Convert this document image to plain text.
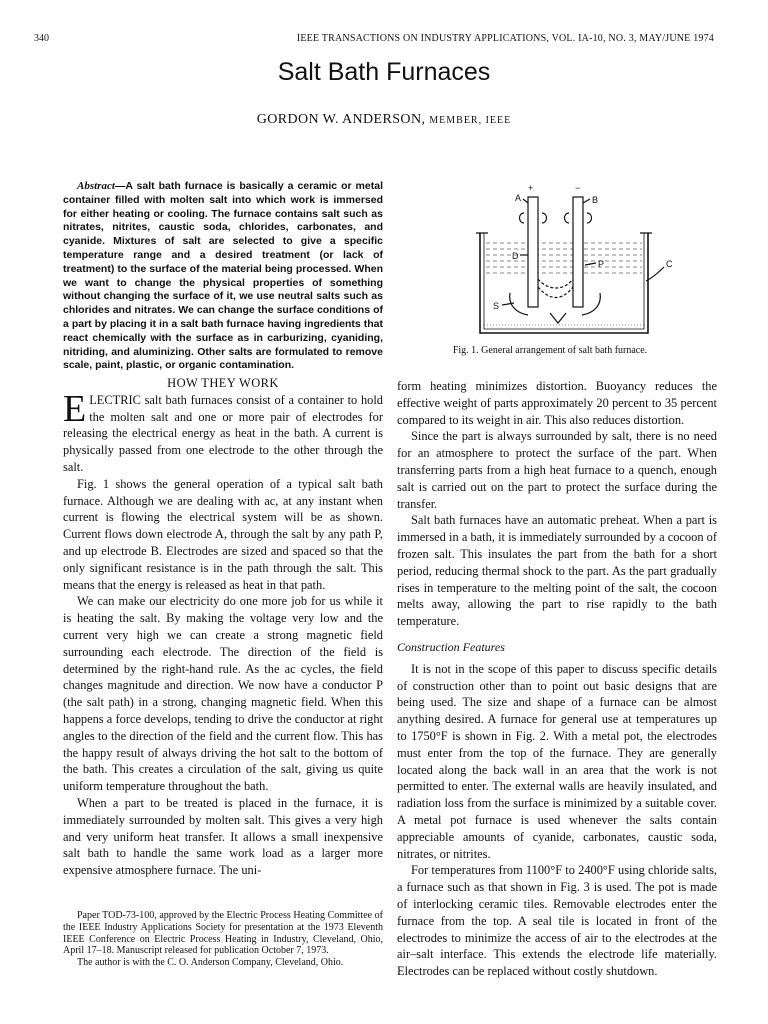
340	IEEE TRANSACTIONS ON INDUSTRY APPLICATIONS, VOL. IA-10, NO. 3, MAY/JUNE 1974
Salt Bath Furnaces
GORDON W. ANDERSON, MEMBER, IEEE
Abstract—A salt bath furnace is basically a ceramic or metal container filled with molten salt into which work is immersed for either heating or cooling. The furnace contains salt such as nitrates, nitrites, caustic soda, chlorides, carbonates, and cyanide. Mixtures of salt are selected to give a specific temperature range and a desired treatment (or lack of treatment) to the surface of the material being processed. When we want to change the physical properties of something without changing the surface of it, we use neutral salts such as chlorides and nitrates. We can change the surface conditions of a part by placing it in a salt bath furnace having ingredients that react chemically with the surface as in carburizing, cyaniding, nitriding, and aluminizing. Other salts are formulated to remove scale, paint, plastic, or organic contamination.
+	−
A	B
C
D
P
S
Fig. 1. General arrangement of salt bath furnace.

HOW THEY WORK

ELECTRIC salt bath furnaces consist of a container to hold the molten salt and one or more pair of electrodes for releasing the electrical energy as heat in the bath. A current is physically passed from one electrode to the other through the salt.

Fig. 1 shows the general operation of a typical salt bath furnace. Although we are dealing with ac, at any instant when current is flowing the electrical system will be as shown. Current flows down electrode A, through the salt by any path P, and up electrode B. Electrodes are sized and spaced so that the only significant resistance is in the path through the salt. This means that the energy is released as heat in that path.

We can make our electricity do one more job for us while it is heating the salt. By making the voltage very low and the current very high we can create a strong magnetic field surrounding each electrode. The direction of the field is determined by the right-hand rule. As the ac cycles, the field changes magnitude and direction. We now have a conductor P (the salt path) in a strong, changing magnetic field. When this happens a force develops, tending to drive the conductor at right angles to the direction of the field and the current flow. This has the happy result of always driving the hot salt to the bottom of the bath. This creates a circulation of the salt, giving us quite uniform temperature throughout the bath.

When a part to be treated is placed in the furnace, it is immediately surrounded by molten salt. This gives a very high and very uniform heat transfer. It allows a small inexpensive salt bath to handle the same work load as a larger more expensive atmosphere furnace. The uni-

Paper TOD-73-100, approved by the Electric Process Heating Committee of the IEEE Industry Applications Society for presentation at the 1973 Eleventh IEEE Conference on Electric Process Heating in Industry, Cleveland, Ohio, April 17–18. Manuscript released for publication October 7, 1973.

The author is with the C. O. Anderson Company, Cleveland, Ohio.

form heating minimizes distortion. Buoyancy reduces the effective weight of parts approximately 20 percent to 35 percent compared to its weight in air. This also reduces distortion.

Since the part is always surrounded by salt, there is no need for an atmosphere to protect the surface of the part. When transferring parts from a high heat furnace to a quench, enough salt is carried out on the part to protect the surface during the transfer.

Salt bath furnaces have an automatic preheat. When a part is immersed in a bath, it is immediately surrounded by a cocoon of frozen salt. This insulates the part from the bath for a short period, reducing thermal shock to the part. As the part gradually rises in temperature to the melting point of the salt, the cocoon melts away, allowing the part to rise rapidly to the bath temperature.

Construction Features

It is not in the scope of this paper to discuss specific details of construction other than to point out basic designs that are being used. The size and shape of a furnace can be almost anything desired. A furnace for general use at temperatures up to 1750°F is shown in Fig. 2. With a metal pot, the electrodes must enter from the top of the furnace. They are generally located along the back wall in an area that the work is not permitted to enter. The external walls are heavily insulated, and radiation loss from the surface is minimized by a suitable cover. A metal pot furnace is used whenever the salts contain appreciable amounts of cyanide, carbonates, caustic soda, nitrates, or nitrites.

For temperatures from 1100°F to 2400°F using chloride salts, a furnace such as that shown in Fig. 3 is used. The pot is made of interlocking ceramic tiles. Removable electrodes enter the furnace from the top. A seal tile is located in front of the electrodes to minimize the access of air to the electrodes at the air–salt interface. This extends the electrode life materially. Electrodes can be replaced without costly shutdown.
